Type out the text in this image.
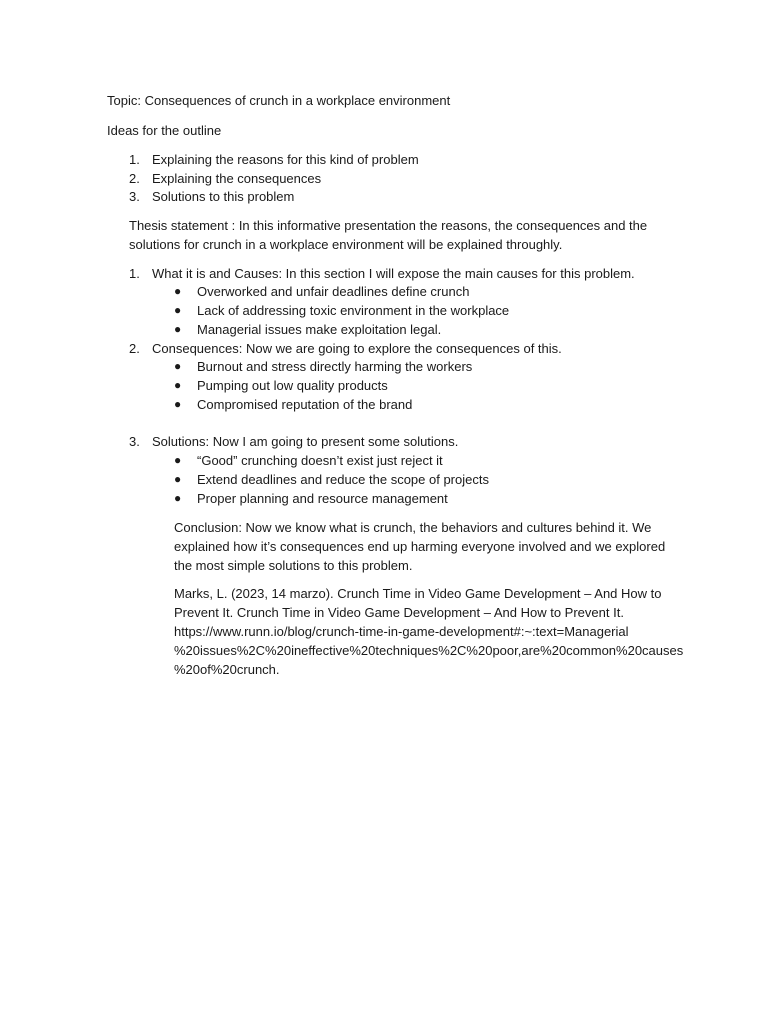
Topic: Consequences of crunch in a workplace environment
Ideas for the outline
1. Explaining the reasons for this kind of problem
2. Explaining the consequences
3. Solutions to this problem
Thesis statement : In this informative presentation the reasons, the consequences and the
solutions for crunch in a workplace environment will be explained throughly.
1. What it is and Causes: In this section I will expose the main causes for this problem.
● Overworked and unfair deadlines define crunch
● Lack of addressing toxic environment in the workplace
● Managerial issues make exploitation legal.
2. Consequences: Now we are going to explore the consequences of this.
● Burnout and stress directly harming the workers
● Pumping out low quality products
● Compromised reputation of the brand
3. Solutions: Now I am going to present some solutions.
● “Good” crunching doesn’t exist just reject it
● Extend deadlines and reduce the scope of projects
● Proper planning and resource management
Conclusion: Now we know what is crunch, the behaviors and cultures behind it. We
explained how it’s consequences end up harming everyone involved and we explored
the most simple solutions to this problem.
Marks, L. (2023, 14 marzo). Crunch Time in Video Game Development – And How to
Prevent It. Crunch Time in Video Game Development – And How to Prevent It.
https://www.runn.io/blog/crunch-time-in-game-development#:~:text=Managerial
%20issues%2C%20ineffective%20techniques%2C%20poor,are%20common%20causes
%20of%20crunch.
